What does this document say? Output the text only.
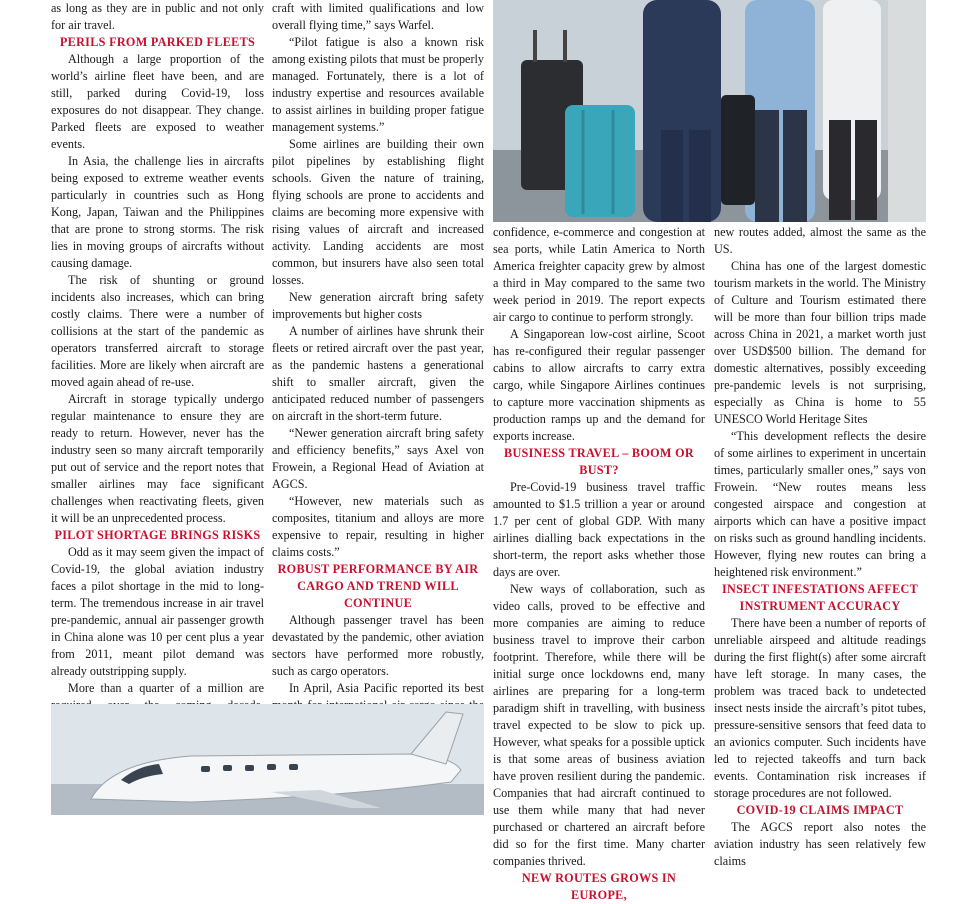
as long as they are in public and not only for air travel.

PERILS FROM PARKED FLEETS

Although a large proportion of the world’s airline fleet have been, and are still, parked during Covid-19, loss exposures do not disappear. They change. Parked fleets are exposed to weather events.

In Asia, the challenge lies in aircrafts being exposed to extreme weather events particularly in countries such as Hong Kong, Japan, Taiwan and the Philippines that are prone to strong storms. The risk lies in moving groups of aircrafts without causing damage.

The risk of shunting or ground incidents also increases, which can bring costly claims. There were a number of collisions at the start of the pandemic as operators transferred aircraft to storage facilities. More are likely when aircraft are moved again ahead of re-use.

Aircraft in storage typically undergo regular maintenance to ensure they are ready to return. However, never has the industry seen so many aircraft temporarily put out of service and the report notes that smaller airlines may face significant challenges when reactivating fleets, given it will be an unprecedented process.

PILOT SHORTAGE BRINGS RISKS

Odd as it may seem given the impact of Covid-19, the global aviation industry faces a pilot shortage in the mid to long-term. The tremendous increase in air travel pre-pandemic, annual air passenger growth in China alone was 10 per cent plus a year from 2011, meant pilot demand was already outstripping supply.

More than a quarter of a million are

craft with limited qualifications and low overall flying time,” says Warfel.

“Pilot fatigue is also a known risk among existing pilots that must be properly managed. Fortunately, there is a lot of industry expertise and resources available to assist airlines in building proper fatigue management systems.”

Some airlines are building their own pilot pipelines by establishing flight schools. Given the nature of training, flying schools are prone to accidents and claims are becoming more expensive with rising values of aircraft and increased activity. Landing accidents are most common, but insurers have also seen total losses.

New generation aircraft bring safety improvements but higher costs

A number of airlines have shrunk their fleets or retired aircraft over the past year, as the pandemic hastens a generational shift to smaller aircraft, given the anticipated reduced number of passengers on aircraft in the short-term future.

“Newer generation aircraft bring safety and efficiency benefits,” says Axel von Frowein, a Regional Head of Aviation at AGCS.

“However, new materials such as composites, titanium and alloys are more expensive to repair, resulting in higher claims costs.”

ROBUST PERFORMANCE BY AIR CARGO AND TREND WILL CONTINUE

Although passenger travel has been devastated by the pandemic, other aviation sectors have performed more robustly, such as cargo operators.

In April, Asia Pacific reported its best

confidence, e-commerce and congestion at sea ports, while Latin America to North America freighter capacity grew by almost a third in May compared to the same two week period in 2019. The report expects air cargo to continue to perform strongly.

A Singaporean low-cost airline, Scoot has re-configured their regular passenger cabins to allow aircrafts to carry extra cargo, while Singapore Airlines continues to capture more vaccination shipments as production ramps up and the demand for exports increase.

BUSINESS TRAVEL – BOOM OR BUST?

Pre-Covid-19 business travel traffic amounted to $1.5 trillion a year or around 1.7 per cent of global GDP. With many airlines dialling back expectations in the short-term, the report asks whether those days are over.

New ways of collaboration, such as video calls, proved to be effective and more companies are aiming to reduce business travel to improve their carbon footprint. Therefore, while there will be initial surge once lockdowns end, many airlines are preparing for a long-term paradigm shift in travelling, with business travel expected to be slow to pick up. However, what speaks for a possible uptick is that some areas of business aviation have proven resilient during the pandemic. Companies that had aircraft continued to use them while many that had never purchased or chartered an aircraft before did so for the first time. Many charter companies thrived.

NEW ROUTES GROWS IN EUROPE,

new routes added, almost the same as the US.

China has one of the largest domestic tourism markets in the world. The Ministry of Culture and Tourism estimated there will be more than four billion trips made across China in 2021, a market worth just over USD$500 billion. The demand for domestic alternatives, possibly exceeding pre-pandemic levels is not surprising, especially as China is home to 55 UNESCO World Heritage Sites

“This development reflects the desire of some airlines to experiment in uncertain times, particularly smaller ones,” says von Frowein. “New routes means less congested airspace and congestion at airports which can have a positive impact on risks such as ground handling incidents. However, flying new routes can bring a heightened risk environment.”

INSECT INFESTATIONS AFFECT INSTRUMENT ACCURACY

There have been a number of reports of unreliable airspeed and altitude readings during the first flight(s) after some aircraft have left storage. In many cases, the problem was traced back to undetected insect nests inside the aircraft’s pitot tubes, pressure-sensitive sensors that feed data to an avionics computer. Such incidents have led to rejected takeoffs and turn back events. Contamination risk increases if storage procedures are not followed.

COVID-19 CLAIMS IMPACT

The AGCS report also notes the aviation industry has seen relatively few claims
